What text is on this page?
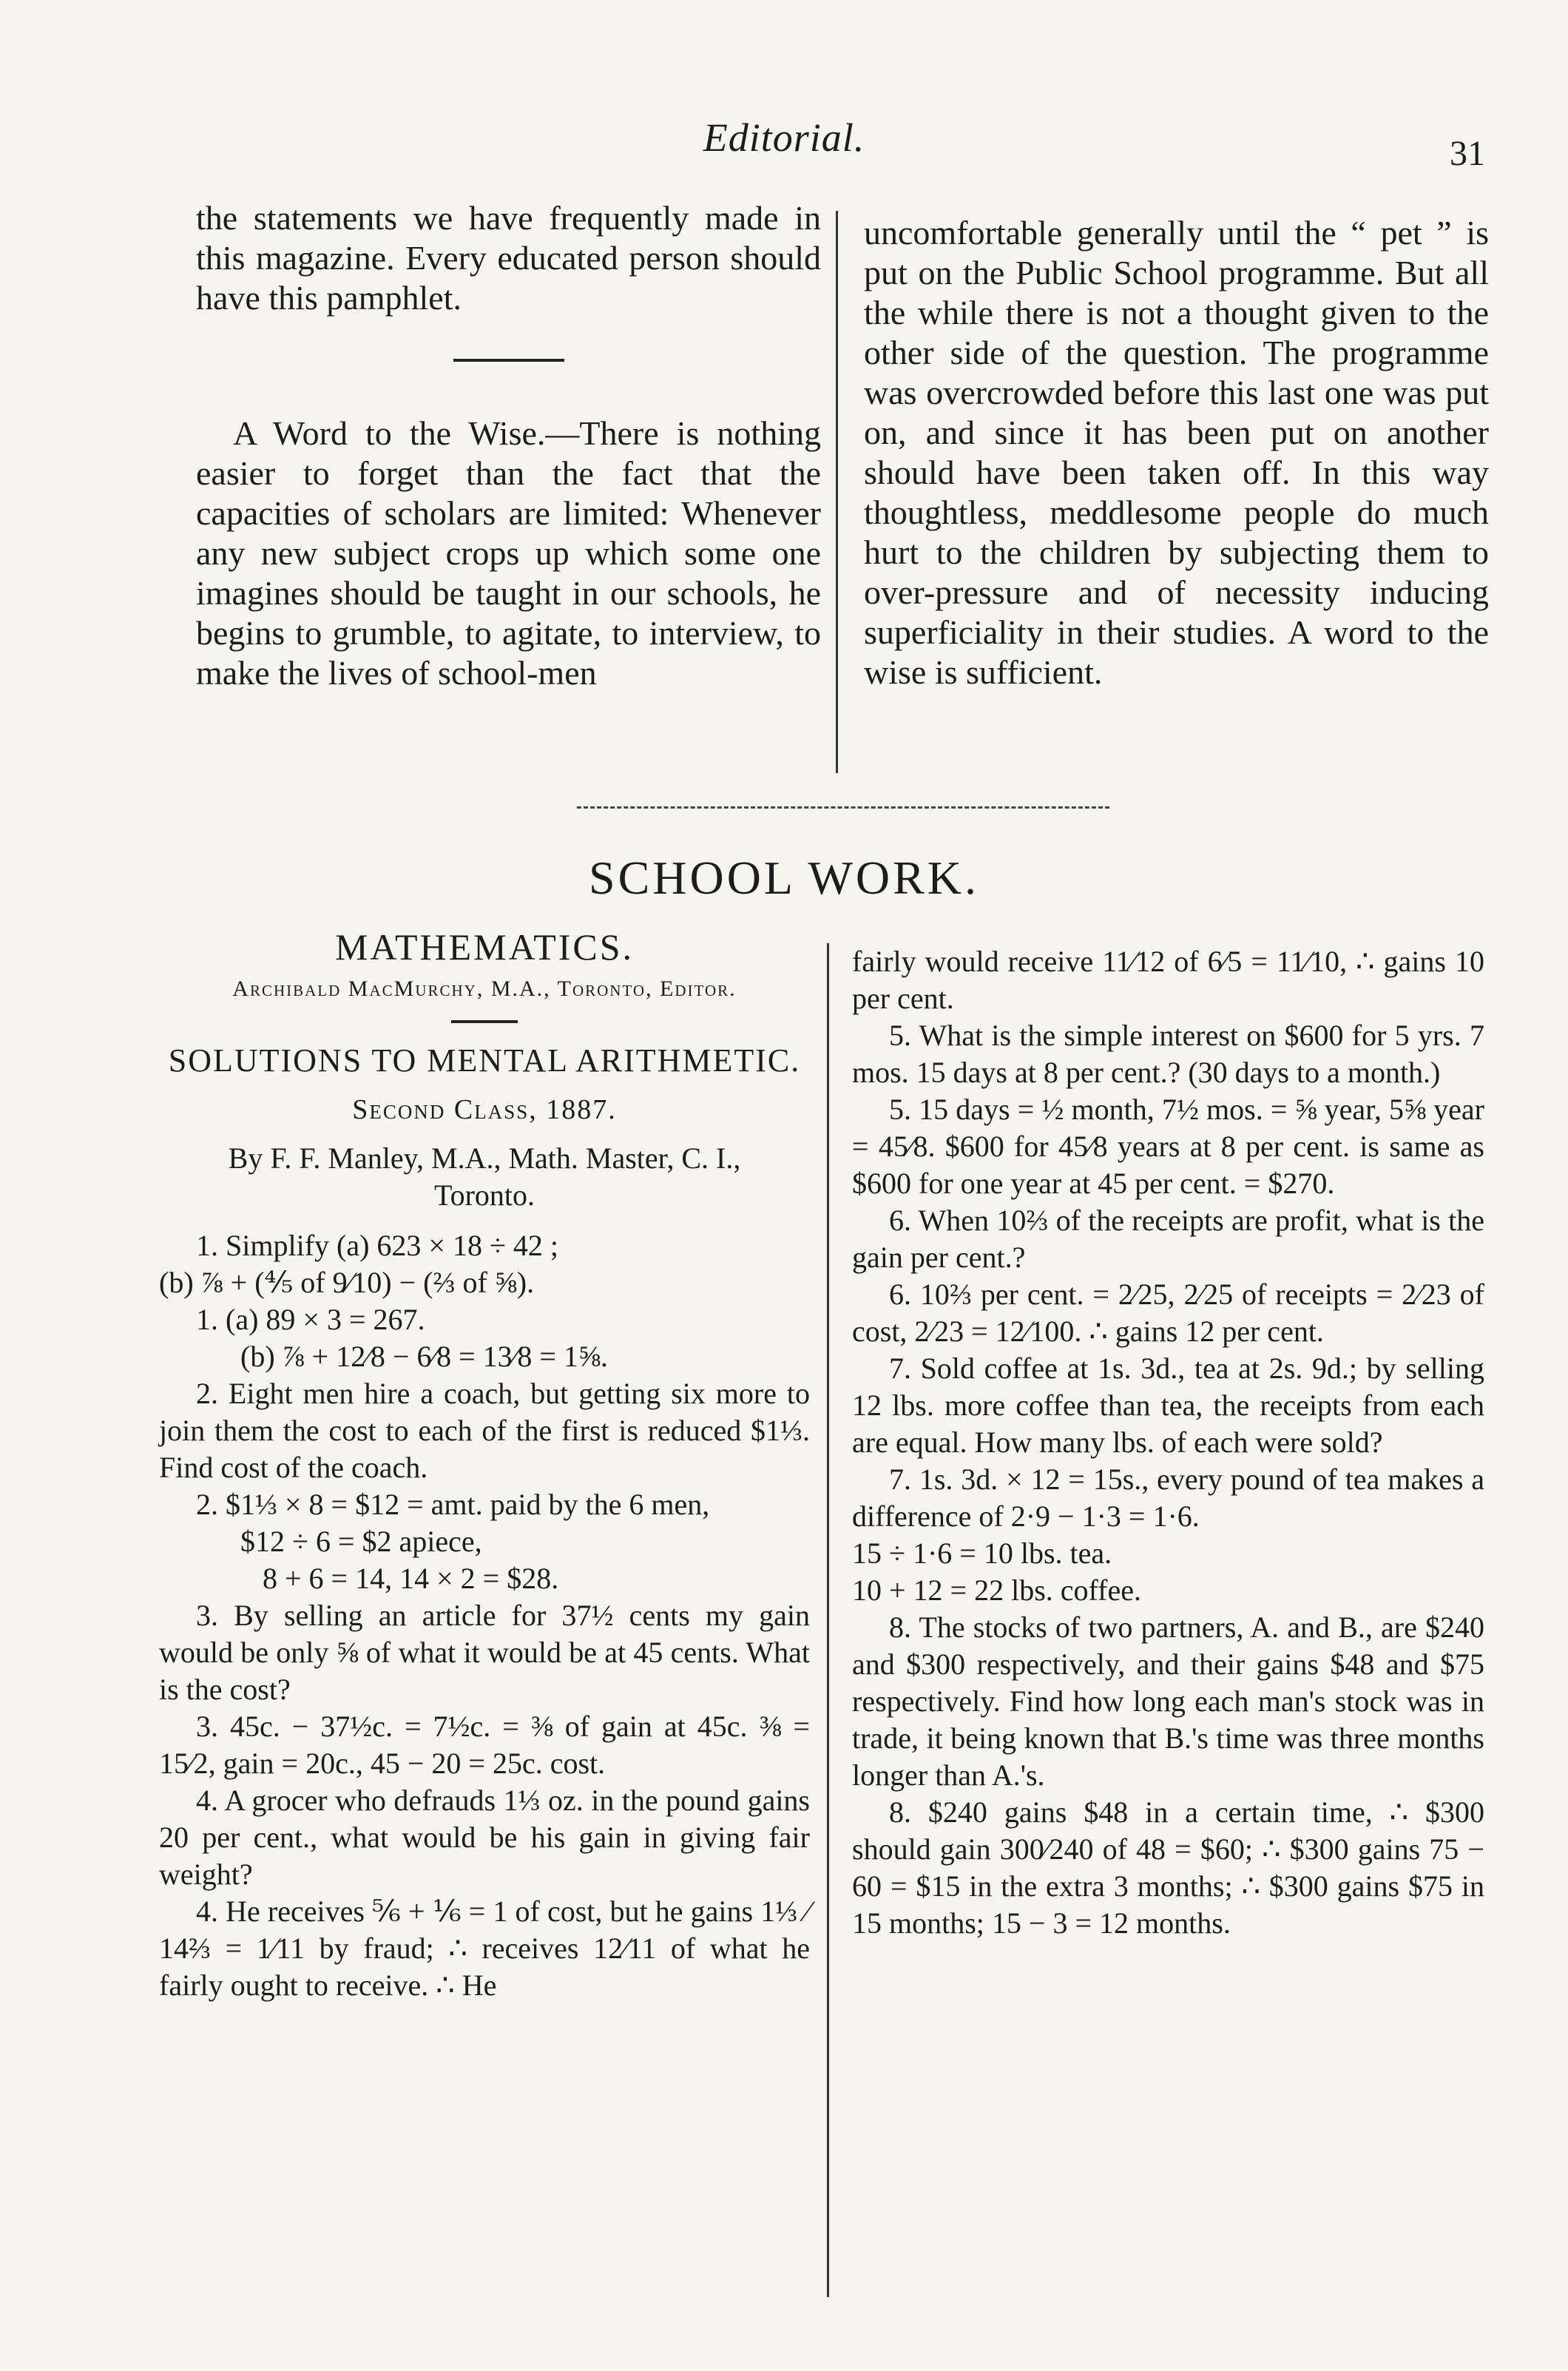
Editorial.	31

the statements we have frequently made in this magazine. Every educated person should have this pamphlet.

A Word to the Wise.—There is nothing easier to forget than the fact that the capacities of scholars are limited: Whenever any new subject crops up which some one imagines should be taught in our schools, he begins to grumble, to agitate, to interview, to make the lives of school-men

uncomfortable generally until the “ pet ” is put on the Public School programme. But all the while there is not a thought given to the other side of the question. The programme was overcrowded before this last one was put on, and since it has been put on another should have been taken off. In this way thoughtless, meddlesome people do much hurt to the children by subjecting them to over-pressure and of necessity inducing superficiality in their studies. A word to the wise is sufficient.

SCHOOL WORK.
MATHEMATICS.
Archibald MacMurchy, M.A., Toronto, Editor.
SOLUTIONS TO MENTAL ARITHMETIC.
Second Class, 1887.
By F. F. Manley, M.A., Math. Master, C. I., Toronto.

1. Simplify (a) 623 × 18 ÷ 42 ;

(b) ⅞ + (⅘ of 9⁄10) − (⅔ of ⅝).

1. (a) 89 × 3 = 267.

(b) ⅞ + 12⁄8 − 6⁄8 = 13⁄8 = 1⅝.

2. Eight men hire a coach, but getting six more to join them the cost to each of the first is reduced $1⅓. Find cost of the coach.

2. $1⅓ × 8 = $12 = amt. paid by the 6 men,

$12 ÷ 6 = $2 apiece,

8 + 6 = 14, 14 × 2 = $28.

3. By selling an article for 37½ cents my gain would be only ⅝ of what it would be at 45 cents. What is the cost?

3. 45c. − 37½c. = 7½c. = ⅜ of gain at 45c. ⅜ = 15⁄2, gain = 20c., 45 − 20 = 25c. cost.

4. A grocer who defrauds 1⅓ oz. in the pound gains 20 per cent., what would be his gain in giving fair weight?

4. He receives ⅚ + ⅙ = 1 of cost, but he gains 1⅓ ⁄ 14⅔ = 1⁄11 by fraud; ∴ receives 12⁄11 of what he fairly ought to receive. ∴ He

fairly would receive 11⁄12 of 6⁄5 = 11⁄10, ∴ gains 10 per cent.

5. What is the simple interest on $600 for 5 yrs. 7 mos. 15 days at 8 per cent.? (30 days to a month.)

5. 15 days = ½ month, 7½ mos. = ⅝ year, 5⅝ year = 45⁄8. $600 for 45⁄8 years at 8 per cent. is same as $600 for one year at 45 per cent. = $270.

6. When 10⅔ of the receipts are profit, what is the gain per cent.?

6. 10⅔ per cent. = 2⁄25, 2⁄25 of receipts = 2⁄23 of cost, 2⁄23 = 12⁄100. ∴ gains 12 per cent.

7. Sold coffee at 1s. 3d., tea at 2s. 9d.; by selling 12 lbs. more coffee than tea, the receipts from each are equal. How many lbs. of each were sold?

7. 1s. 3d. × 12 = 15s., every pound of tea makes a difference of 2·9 − 1·3 = 1·6.

15 ÷ 1·6 = 10 lbs. tea.

10 + 12 = 22 lbs. coffee.

8. The stocks of two partners, A. and B., are $240 and $300 respectively, and their gains $48 and $75 respectively. Find how long each man's stock was in trade, it being known that B.'s time was three months longer than A.'s.

8. $240 gains $48 in a certain time, ∴ $300 should gain 300⁄240 of 48 = $60; ∴ $300 gains 75 − 60 = $15 in the extra 3 months; ∴ $300 gains $75 in 15 months; 15 − 3 = 12 months.
